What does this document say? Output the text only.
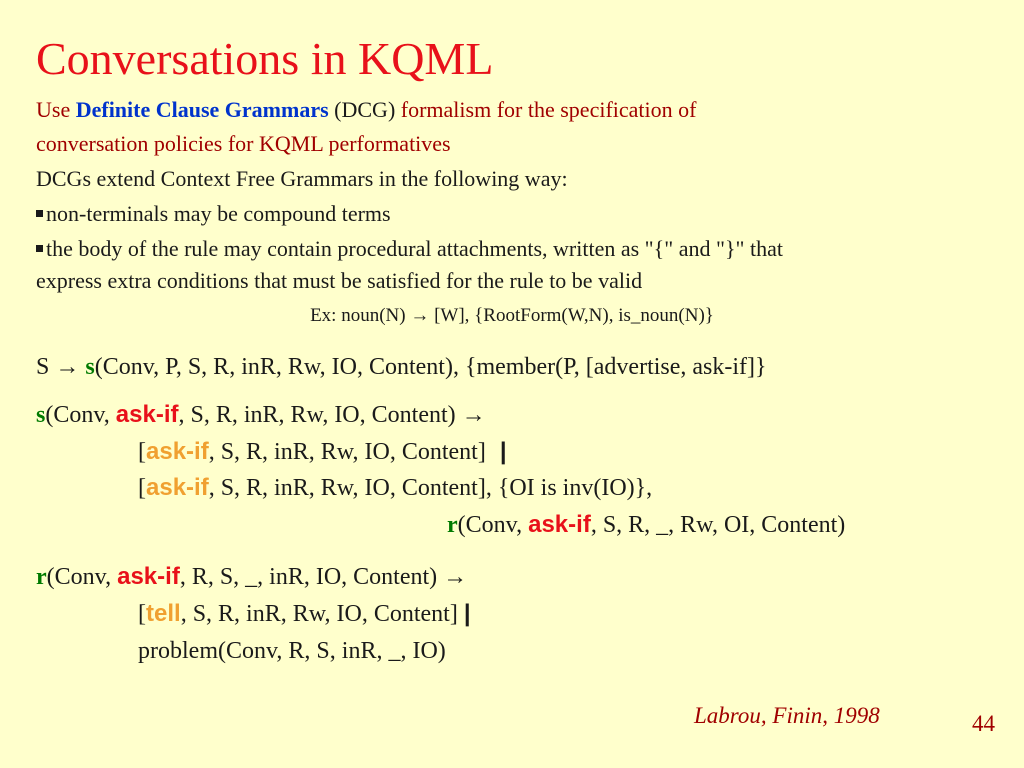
Conversations in KQML
Use Definite Clause Grammars (DCG) formalism for the specification of
conversation policies for KQML performatives
DCGs extend Context Free Grammars in the following way:
non-terminals may be compound terms
the body of the rule may contain procedural attachments, written as "{" and "}" that
express extra conditions that must be satisfied for the rule to be valid
Ex: noun(N) → [W], {RootForm(W,N), is_noun(N)}
S → s(Conv, P, S, R, inR, Rw, IO, Content), {member(P, [advertise, ask-if]}
s(Conv, ask-if, S, R, inR, Rw, IO, Content) →
[ask-if, S, R, inR, Rw, IO, Content] |
[ask-if, S, R, inR, Rw, IO, Content], {OI is inv(IO)},
r(Conv, ask-if, S, R, _, Rw, OI, Content)
r(Conv, ask-if, R, S, _, inR, IO, Content) →
[tell, S, R, inR, Rw, IO, Content] |
problem(Conv, R, S, inR, _, IO)
Labrou, Finin, 1998	44
